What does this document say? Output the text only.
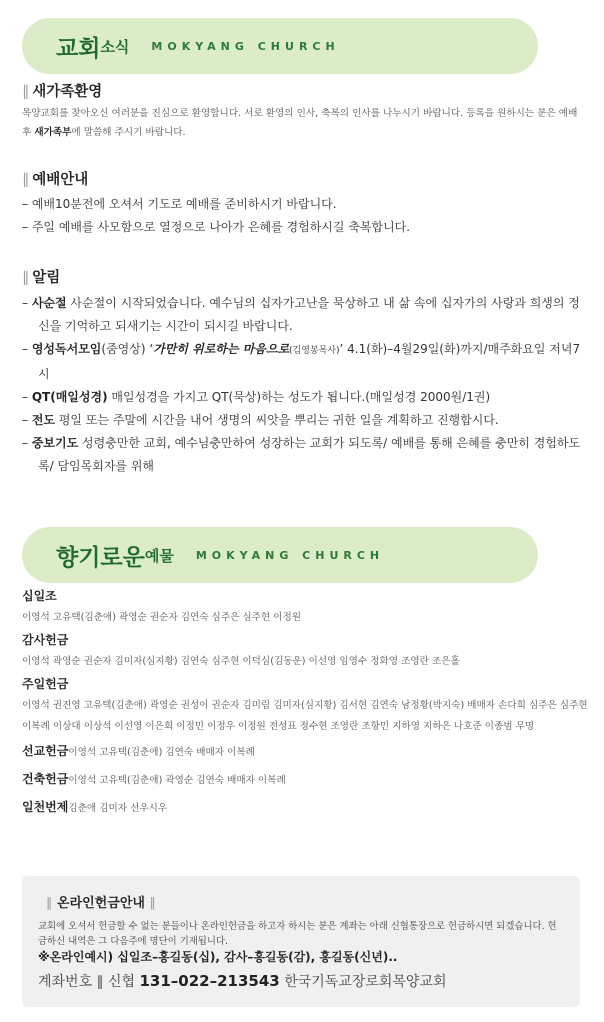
교회 소식 MOKYANG CHURCH
∥ 새가족환영
목양교회를 찾아오신 여러분을 진심으로 환영합니다. 서로 환영의 인사, 축복의 인사를 나누시기 바랍니다. 등록을 원하시는 분은 예배 후 새가족부에 말씀해 주시기 바랍니다.
∥ 예배안내
– 예배10분전에 오셔서 기도로 예배를 준비하시기 바랍니다.
– 주일 예배를 사모함으로 열정으로 나아가 은혜를 경험하시길 축복합니다.
∥ 알림
– 사순절 사순절이 시작되었습니다. 예수님의 십자가고난을 묵상하고 내 삶 속에 십자가의 사랑과 희생의 정신을 기억하고 되새기는 시간이 되시길 바랍니다.
– 영성독서모임(줌영상) ‘가만히 위로하는 마음으로(김영봉목사)’ 4.1(화)–4월29일(화)까지/매주화요일 저녁7시
– QT(매일성경) 매일성경을 가지고 QT(묵상)하는 성도가 됩니다.(매일성경 2000원/1권)
– 전도 평일 또는 주말에 시간을 내어 생명의 씨앗을 뿌리는 귀한 일을 계획하고 진행합시다.
– 중보기도 성령충만한 교회, 예수님충만하여 성장하는 교회가 되도록/ 예배를 통해 은혜를 충만히 경험하도록/ 담임목회자를 위해
향기로운 예물 MOKYANG CHURCH
십일조
이영석 고유택(김춘애) 곽영순 권순자 김연숙 심주은 심주현 이정원
감사헌금
이영석 곽영순 권순자 김미자(심지황) 김연숙 심주현 이덕심(김동운) 이선영 임영수 정화영 조영란 조은홀
주일헌금
이영석 권진영 고유택(김춘애) 곽영순 권성이 권순자 김미림 김미자(심지황) 김서현 김연숙 남정황(박지숙) 배매자 손다희 심주은 심주현 이복례 이상대 이상석 이선영 이은희 이정민 이정우 이정원 전성표 정수현 조영란 조항민 지하영 지하은 나호준 이종범 무명
선교헌금이영석 고유택(김춘애) 김연숙 배매자 이복례
건축헌금이영석 고유택(김춘애) 곽영순 김연숙 배매자 이복례
일천번제김춘애 김미자 선우시우
∥ 온라인헌금안내 ∥
교회에 오셔서 헌금할 수 없는 분들이나 온라인헌금을 하고자 하시는 분은 계좌는 아래 신협통장으로 헌금하시면 되겠습니다. 헌금하신 내역은 그 다음주에 명단이 기재됩니다.
※온라인예시) 십일조–홍길동(십), 감사–홍길동(감), 홍길동(신년)..
계좌번호 ∥ 신협 131–022–213543 한국기독교장로회목양교회
